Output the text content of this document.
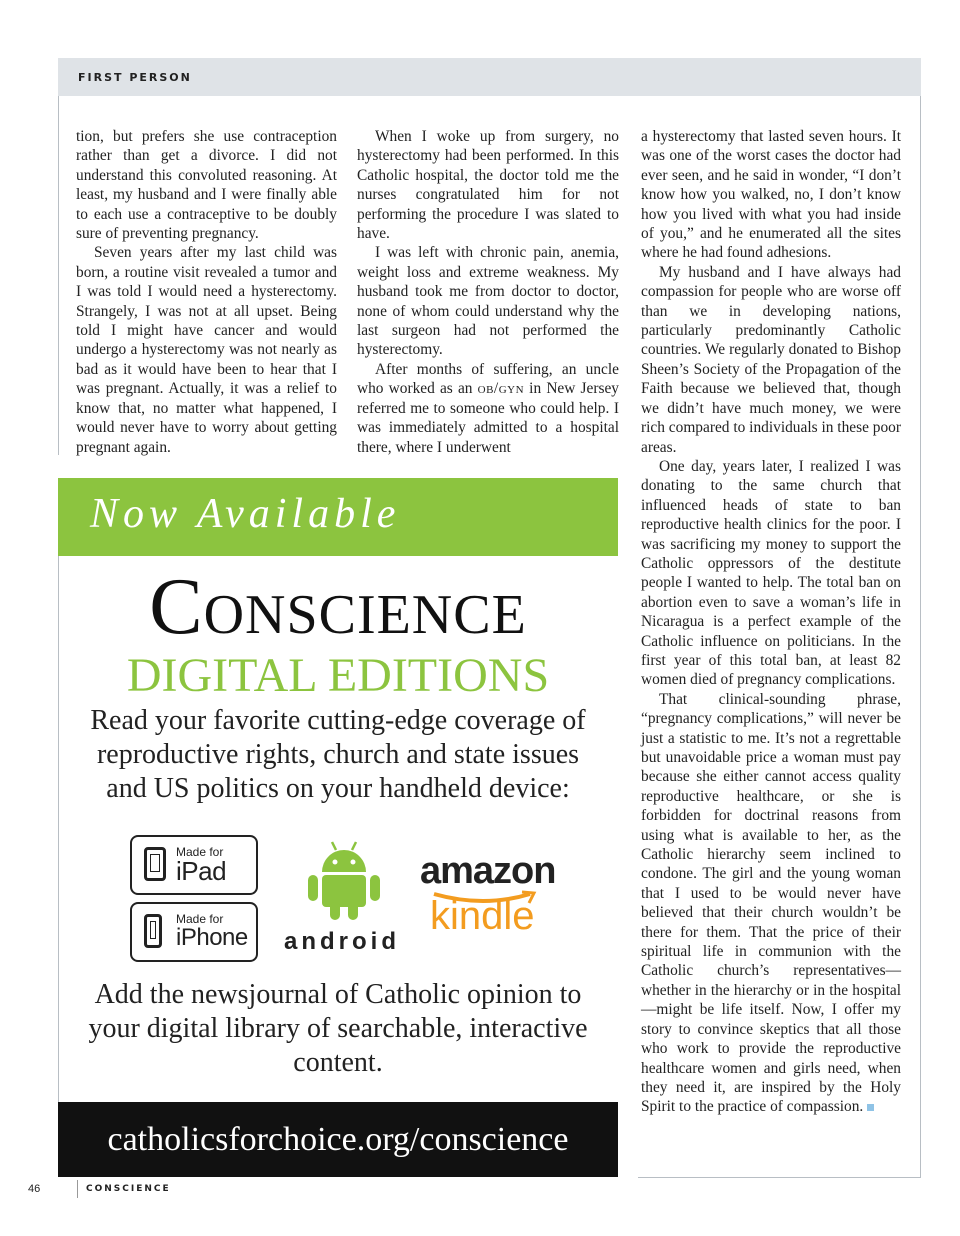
FIRST PERSON

tion, but prefers she use contraception rather than get a divorce. I did not understand this convoluted reasoning. At least, my husband and I were finally able to each use a contraceptive to be doubly sure of preventing pregnancy.

Seven years after my last child was born, a routine visit revealed a tumor and I was told I would need a hysterectomy. Strangely, I was not at all upset. Being told I might have cancer and would undergo a hysterectomy was not nearly as bad as it would have been to hear that I was pregnant. Actually, it was a relief to know that, no matter what happened, I would never have to worry about getting pregnant again.

When I woke up from surgery, no hysterectomy had been performed. In this Catholic hospital, the doctor told me the nurses congratulated him for not performing the procedure I was slated to have.

I was left with chronic pain, anemia, weight loss and extreme weakness. My husband took me from doctor to doctor, none of whom could understand why the last surgeon had not performed the hysterectomy.

After months of suffering, an uncle who worked as an ob/gyn in New Jersey referred me to someone who could help. I was immediately admitted to a hospital there, where I underwent

a hysterectomy that lasted seven hours. It was one of the worst cases the doctor had ever seen, and he said in wonder, “I don’t know how you walked, no, I don’t know how you lived with what you had inside of you,” and he enumerated all the sites where he had found adhesions.

My husband and I have always had compassion for people who are worse off than we in developing nations, particularly predominantly Catholic countries. We regularly donated to Bishop Sheen’s Society of the Propagation of the Faith because we believed that, though we didn’t have much money, we were rich compared to individuals in these poor areas.

One day, years later, I realized I was donating to the same church that influenced heads of state to ban reproductive health clinics for the poor. I was sacrificing my money to support the Catholic oppressors of the destitute people I wanted to help. The total ban on abortion even to save a woman’s life in Nicaragua is a perfect example of the Catholic influence on politicians. In the first year of this total ban, at least 82 women died of pregnancy complications.

That clinical-sounding phrase, “pregnancy complications,” will never be just a statistic to me. It’s not a regrettable but unavoidable price a woman must pay because she either cannot access quality reproductive healthcare, or she is forbidden for doctrinal reasons from using what is available to her, as the Catholic hierarchy seem inclined to condone. The girl and the young woman that I used to be would never have believed that their church wouldn’t be there for them. That the price of their spiritual life in communion with the Catholic church’s representatives—whether in the hierarchy or in the hospital—might be life itself. Now, I offer my story to convince skeptics that all those who work to provide the reproductive healthcare women and girls need, when they need it, are inspired by the Holy Spirit to the practice of compassion.

Now Available
Conscience
DIGITAL EDITIONS
Read your favorite cutting-edge coverage of reproductive rights, church and state issues and US politics on your handheld device:
Made for
iPad
Made for
iPhone android
amazon
kindle
Add the newsjournal of Catholic opinion to your digital library of searchable, interactive content.
catholicsforchoice.org/conscience
46	CONSCIENCE
